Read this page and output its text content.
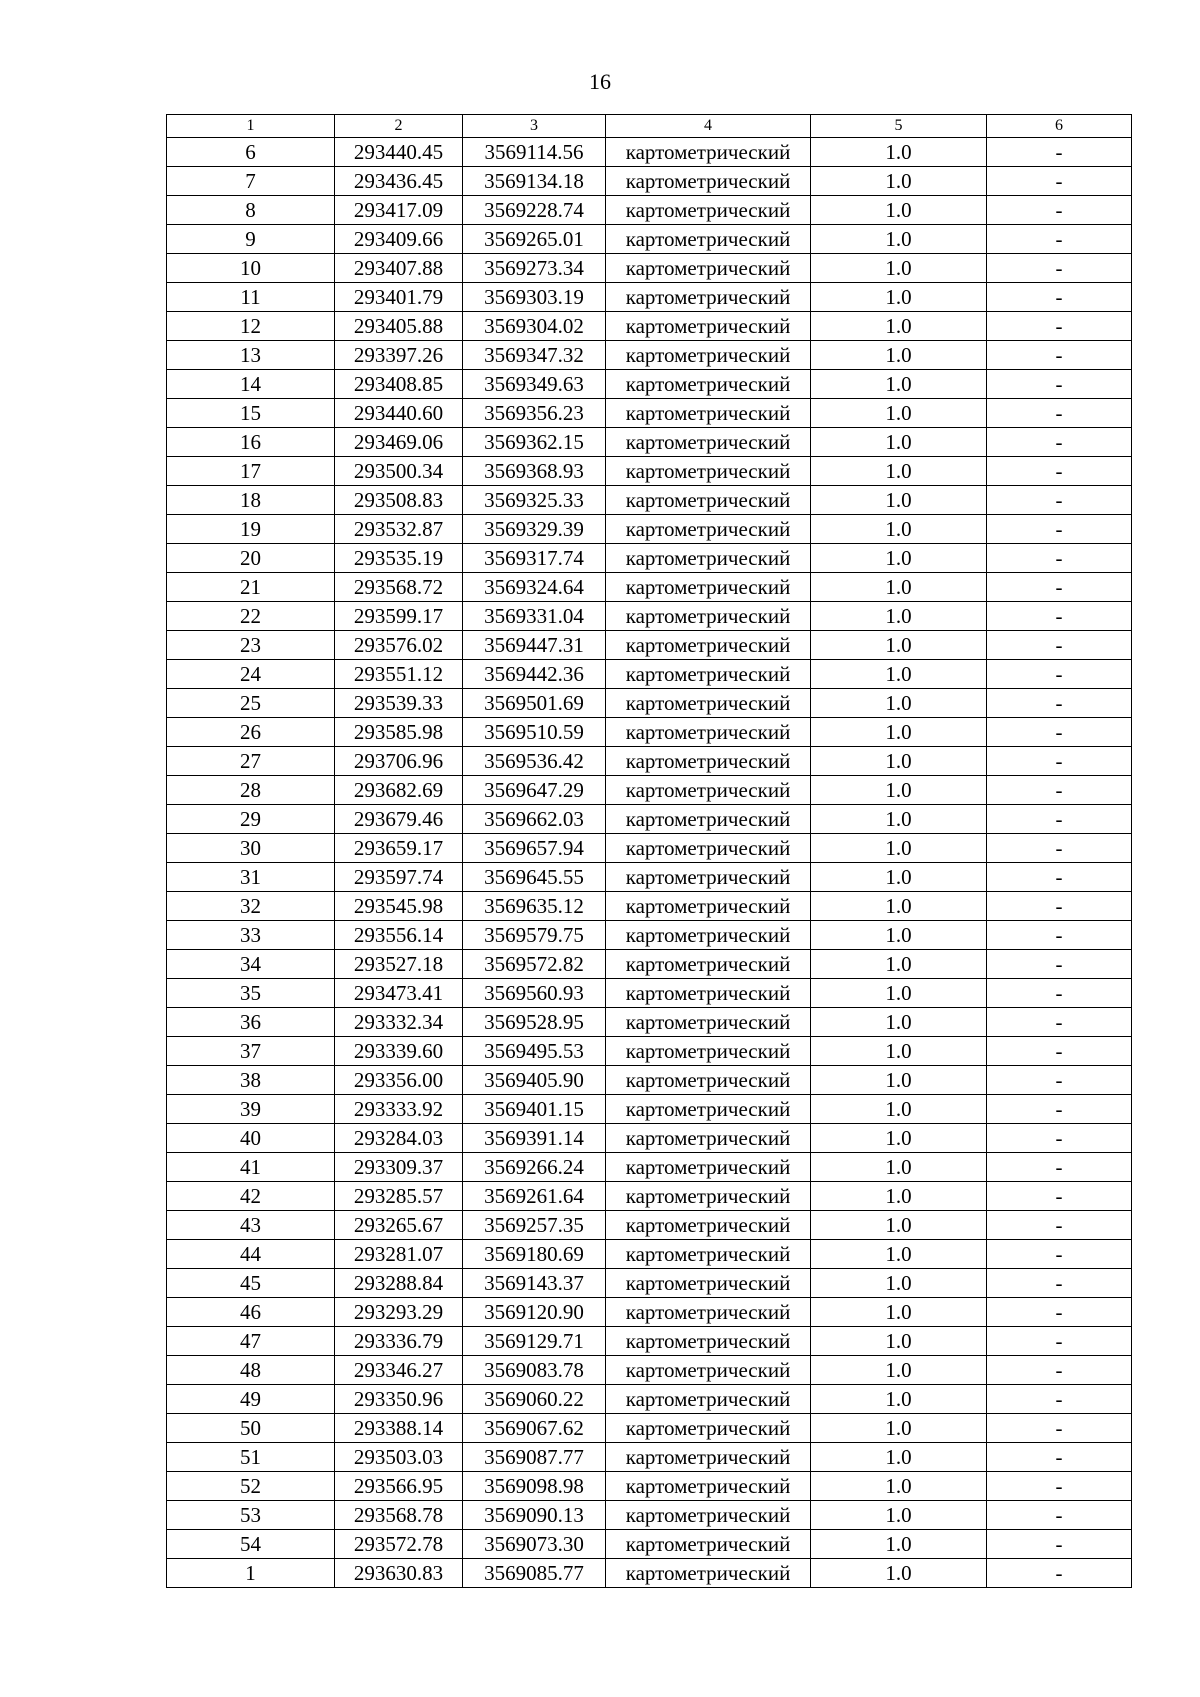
16
1	2	3	4	5	6
6	293440.45	3569114.56	картометрический	1.0	-
7	293436.45	3569134.18	картометрический	1.0	-
8	293417.09	3569228.74	картометрический	1.0	-
9	293409.66	3569265.01	картометрический	1.0	-
10	293407.88	3569273.34	картометрический	1.0	-
11	293401.79	3569303.19	картометрический	1.0	-
12	293405.88	3569304.02	картометрический	1.0	-
13	293397.26	3569347.32	картометрический	1.0	-
14	293408.85	3569349.63	картометрический	1.0	-
15	293440.60	3569356.23	картометрический	1.0	-
16	293469.06	3569362.15	картометрический	1.0	-
17	293500.34	3569368.93	картометрический	1.0	-
18	293508.83	3569325.33	картометрический	1.0	-
19	293532.87	3569329.39	картометрический	1.0	-
20	293535.19	3569317.74	картометрический	1.0	-
21	293568.72	3569324.64	картометрический	1.0	-
22	293599.17	3569331.04	картометрический	1.0	-
23	293576.02	3569447.31	картометрический	1.0	-
24	293551.12	3569442.36	картометрический	1.0	-
25	293539.33	3569501.69	картометрический	1.0	-
26	293585.98	3569510.59	картометрический	1.0	-
27	293706.96	3569536.42	картометрический	1.0	-
28	293682.69	3569647.29	картометрический	1.0	-
29	293679.46	3569662.03	картометрический	1.0	-
30	293659.17	3569657.94	картометрический	1.0	-
31	293597.74	3569645.55	картометрический	1.0	-
32	293545.98	3569635.12	картометрический	1.0	-
33	293556.14	3569579.75	картометрический	1.0	-
34	293527.18	3569572.82	картометрический	1.0	-
35	293473.41	3569560.93	картометрический	1.0	-
36	293332.34	3569528.95	картометрический	1.0	-
37	293339.60	3569495.53	картометрический	1.0	-
38	293356.00	3569405.90	картометрический	1.0	-
39	293333.92	3569401.15	картометрический	1.0	-
40	293284.03	3569391.14	картометрический	1.0	-
41	293309.37	3569266.24	картометрический	1.0	-
42	293285.57	3569261.64	картометрический	1.0	-
43	293265.67	3569257.35	картометрический	1.0	-
44	293281.07	3569180.69	картометрический	1.0	-
45	293288.84	3569143.37	картометрический	1.0	-
46	293293.29	3569120.90	картометрический	1.0	-
47	293336.79	3569129.71	картометрический	1.0	-
48	293346.27	3569083.78	картометрический	1.0	-
49	293350.96	3569060.22	картометрический	1.0	-
50	293388.14	3569067.62	картометрический	1.0	-
51	293503.03	3569087.77	картометрический	1.0	-
52	293566.95	3569098.98	картометрический	1.0	-
53	293568.78	3569090.13	картометрический	1.0	-
54	293572.78	3569073.30	картометрический	1.0	-
1	293630.83	3569085.77	картометрический	1.0	-
